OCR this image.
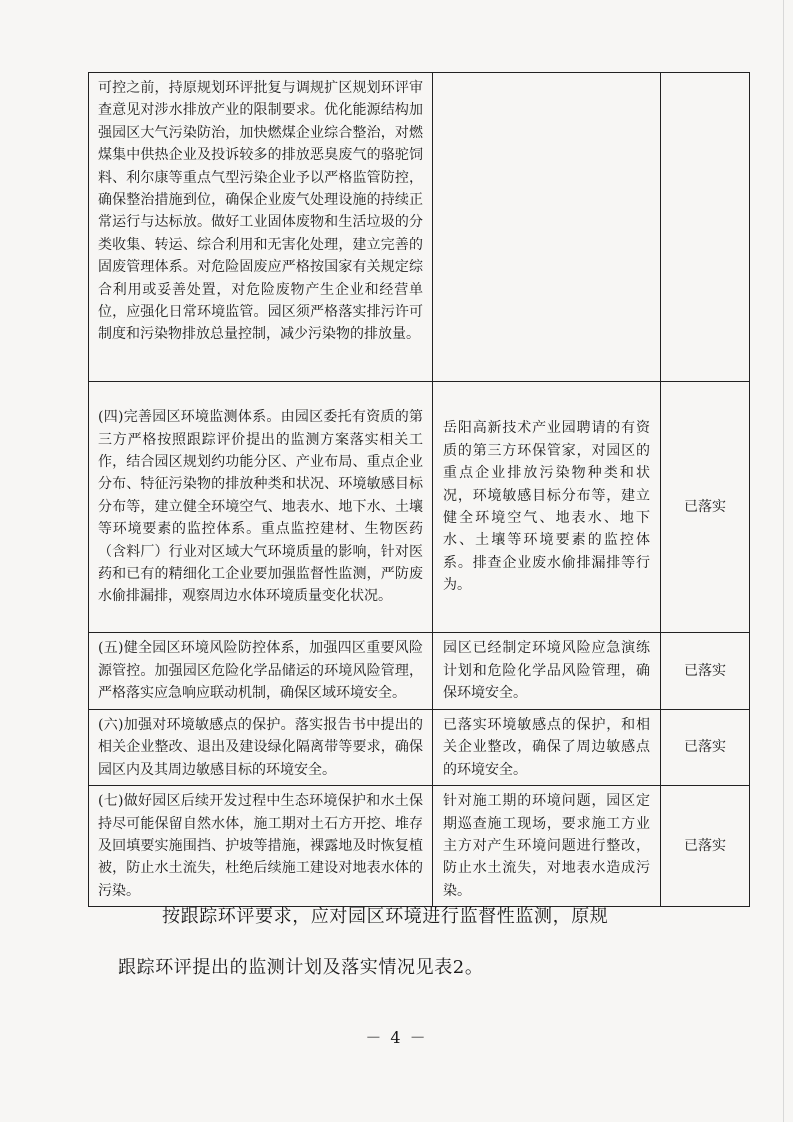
可控之前，持原规划环评批复与调规扩区规划环评审查意见对涉水排放产业的限制要求。优化能源结构加强园区大气污染防治，加快燃煤企业综合整治，对燃煤集中供热企业及投诉较多的排放恶臭废气的骆驼饲料、利尔康等重点气型污染企业予以严格监管防控，确保整治措施到位，确保企业废气处理设施的持续正常运行与达标放。做好工业固体废物和生活垃圾的分类收集、转运、综合利用和无害化处理，建立完善的固废管理体系。对危险固废应严格按国家有关规定综合利用或妥善处置，对危险废物产生企业和经营单位，应强化日常环境监管。园区须严格落实排污许可制度和污染物排放总量控制，减少污染物的排放量。		
(四)完善园区环境监测体系。由园区委托有资质的第三方严格按照跟踪评价提出的监测方案落实相关工作，结合园区规划约功能分区、产业布局、重点企业分布、特征污染物的排放种类和状况、环境敏感目标分布等，建立健全环境空气、地表水、地下水、土壤等环境要素的监控体系。重点监控建材、生物医药（含料厂）行业对区域大气环境质量的影响，针对医药和已有的精细化工企业要加强监督性监测，严防废水偷排漏排，观察周边水体环境质量变化状况。	岳阳高新技术产业园聘请的有资质的第三方环保管家，对园区的重点企业排放污染物种类和状况，环境敏感目标分布等，建立健全环境空气、地表水、地下水、土壤等环境要素的监控体系。排查企业废水偷排漏排等行为。	已落实
(五)健全园区环境风险防控体系，加强四区重要风险源管控。加强园区危险化学品储运的环境风险管理，严格落实应急响应联动机制，确保区域环境安全。	园区已经制定环境风险应急演练计划和危险化学品风险管理，确保环境安全。	已落实
(六)加强对环境敏感点的保护。落实报告书中提出的相关企业整改、退出及建设绿化隔离带等要求，确保园区内及其周边敏感目标的环境安全。	已落实环境敏感点的保护，和相关企业整改，确保了周边敏感点的环境安全。	已落实
(七)做好园区后续开发过程中生态环境保护和水土保持尽可能保留自然水体，施工期对土石方开挖、堆存及回填要实施围挡、护坡等措施，裸露地及时恢复植被，防止水土流失，杜绝后续施工建设对地表水体的污染。	针对施工期的环境问题，园区定期巡查施工现场，要求施工方业主方对产生环境问题进行整改，防止水土流失，对地表水造成污染。	已落实
按跟踪环评要求，应对园区环境进行监督性监测，原规
跟踪环评提出的监测计划及落实情况见表2。
－ 4 －
